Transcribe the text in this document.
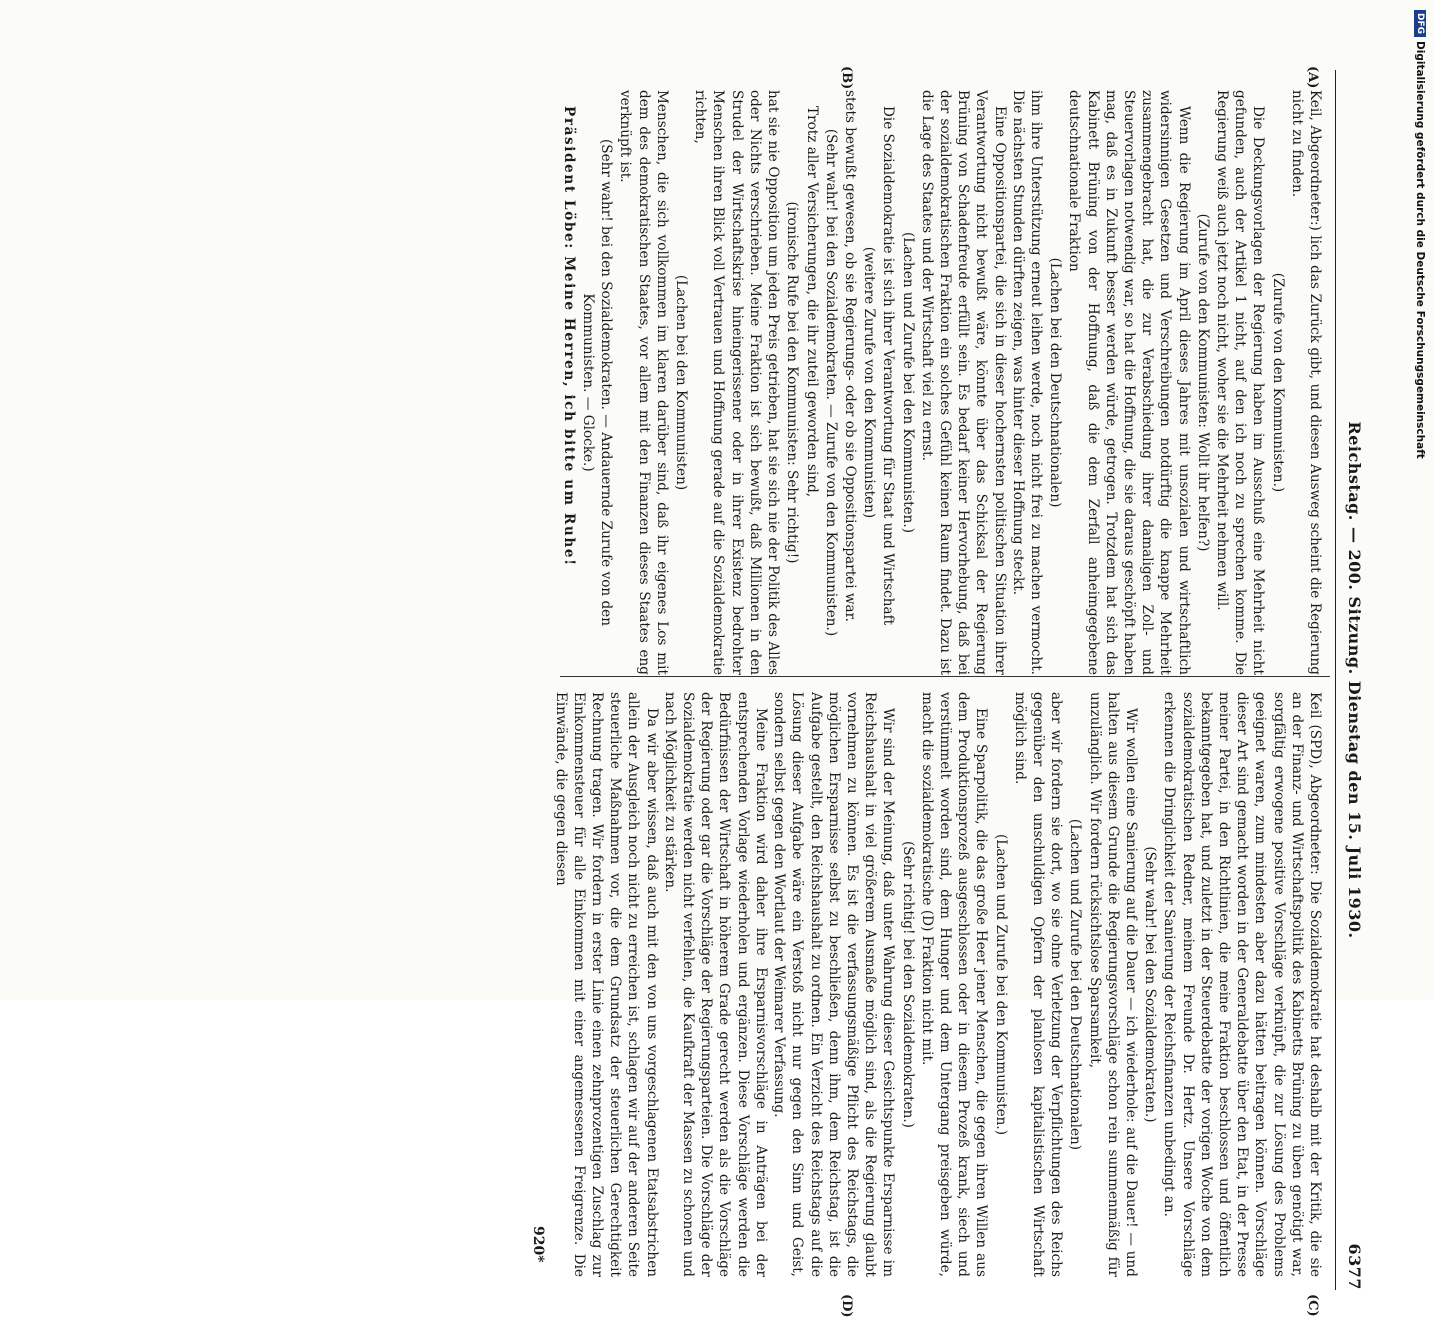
Reichstag. — 200. Sitzung. Dienstag den 15. Juli 1930.
6377
(A)
(B)
(C)
(D)

Keil, Abgeordneter:) lich das Zurück gibt, und diesen Ausweg scheint die Regierung nicht zu finden.

(Zurufe von den Kommunisten.)

Die Deckungsvorlagen der Regierung haben im Ausschuß eine Mehrheit nicht gefunden, auch der Artikel 1 nicht, auf den ich noch zu sprechen komme. Die Regierung weiß auch jetzt noch nicht, woher sie die Mehrheit nehmen will.

(Zurufe von den Kommunisten: Wollt ihr helfen?)

Wenn die Regierung im April dieses Jahres mit unsozialen und wirtschaftlich widersinnigen Gesetzen und Verschreibungen notdürftig die knappe Mehrheit zusammengebracht hat, die zur Verabschiedung ihrer damaligen Zoll- und Steuervorlagen notwendig war, so hat die Hoffnung, die sie daraus geschöpft haben mag, daß es in Zukunft besser werden würde, getrogen. Trotzdem hat sich das Kabinett Brüning von der Hoffnung, daß die dem Zerfall anheimgegebene deutschnationale Fraktion

(Lachen bei den Deutschnationalen)

ihm ihre Unterstützung erneut leihen werde, noch nicht frei zu machen vermocht. Die nächsten Stunden dürften zeigen, was hinter dieser Hoffnung steckt.

Eine Oppositionspartei, die sich in dieser hochernsten politischen Situation ihrer Verantwortung nicht bewußt wäre, könnte über das Schicksal der Regierung Brüning von Schadenfreude erfüllt sein. Es bedarf keiner Hervorhebung, daß bei der sozialdemokratischen Fraktion ein solches Gefühl keinen Raum findet. Dazu ist die Lage des Staates und der Wirtschaft viel zu ernst.

(Lachen und Zurufe bei den Kommunisten.)

Die Sozialdemokratie ist sich ihrer Verantwortung für Staat und Wirtschaft

(weitere Zurufe von den Kommunisten)

stets bewußt gewesen, ob sie Regierungs- oder ob sie Oppositionspartei war.

(Sehr wahr! bei den Sozialdemokraten. — Zurufe von den Kommunisten.)

Trotz aller Versicherungen, die ihr zuteil geworden sind,

(ironische Rufe bei den Kommunisten: Sehr richtig!)

hat sie nie Opposition um jeden Preis getrieben, hat sie sich nie der Politik des Alles oder Nichts verschrieben. Meine Fraktion ist sich bewußt, daß Millionen in den Strudel der Wirtschaftskrise hineingerissener oder in ihrer Existenz bedrohter Menschen ihren Blick voll Vertrauen und Hoffnung gerade auf die Sozialdemokratie richten,

(Lachen bei den Kommunisten)

Menschen, die sich vollkommen im klaren darüber sind, daß ihr eigenes Los mit dem des demokratischen Staates, vor allem mit den Finanzen dieses Staates eng verknüpft ist.

(Sehr wahr! bei den Sozialdemokraten. — Andauernde Zurufe von den Kommunisten. — Glocke.)

Präsident Löbe: Meine Herren, ich bitte um Ruhe!

Keil (SPD), Abgeordneter: Die Sozialdemokratie hat deshalb mit der Kritik, die sie an der Finanz- und Wirtschaftspolitik des Kabinetts Brüning zu üben genötigt war, sorgfältig erwogene positive Vorschläge verknüpft, die zur Lösung des Problems geeignet waren, zum mindesten aber dazu hätten beitragen können. Vorschläge dieser Art sind gemacht worden in der Generaldebatte über den Etat, in der Presse meiner Partei, in den Richtlinien, die meine Fraktion beschlossen und öffentlich bekanntgegeben hat, und zuletzt in der Steuerdebatte der vorigen Woche von dem sozialdemokratischen Redner, meinem Freunde Dr. Hertz. Unsere Vorschläge erkennen die Dringlichkeit der Sanierung der Reichsfinanzen unbedingt an.

(Sehr wahr! bei den Sozialdemokraten.)

Wir wollen eine Sanierung auf die Dauer — ich wiederhole: auf die Dauer! — und halten aus diesem Grunde die Regierungsvorschläge schon rein summenmäßig für unzulänglich. Wir fordern rücksichtslose Sparsamkeit,

(Lachen und Zurufe bei den Deutschnationalen)

aber wir fordern sie dort, wo sie ohne Verletzung der Verpflichtungen des Reichs gegenüber den unschuldigen Opfern der planlosen kapitalistischen Wirtschaft möglich sind.

(Lachen und Zurufe bei den Kommunisten.)

Eine Sparpolitik, die das große Heer jener Menschen, die gegen ihren Willen aus dem Produktionsprozeß ausgeschlossen oder in diesem Prozeß krank, siech und verstümmelt worden sind, dem Hunger und dem Untergang preisgeben würde, macht die sozialdemokratische (D) Fraktion nicht mit.

(Sehr richtig! bei den Sozialdemokraten.)

Wir sind der Meinung, daß unter Wahrung dieser Gesichtspunkte Ersparnisse im Reichshaushalt in viel größerem Ausmaße möglich sind, als die Regierung glaubt vornehmen zu können. Es ist die verfassungsmäßige Pflicht des Reichstags, die möglichen Ersparnisse selbst zu beschließen, denn ihm, dem Reichstag, ist die Aufgabe gestellt, den Reichshaushalt zu ordnen. Ein Verzicht des Reichstags auf die Lösung dieser Aufgabe wäre ein Verstoß nicht nur gegen den Sinn und Geist, sondern selbst gegen den Wortlaut der Weimarer Verfassung.

Meine Fraktion wird daher ihre Ersparnisvorschläge in Anträgen bei der entsprechenden Vorlage wiederholen und ergänzen. Diese Vorschläge werden die Bedürfnissen der Wirtschaft in höherem Grade gerecht werden als die Vorschläge der Regierung oder gar die Vorschläge der Regierungsparteien. Die Vorschläge der Sozialdemokratie werden nicht verfehlen, die Kaufkraft der Massen zu schonen und nach Möglichkeit zu stärken.

Da wir aber wissen, daß auch mit den von uns vorgeschlagenen Etatsabstrichen allein der Ausgleich noch nicht zu erreichen ist, schlagen wir auf der anderen Seite steuerliche Maßnahmen vor, die dem Grundsatz der steuerlichen Gerechtigkeit Rechnung tragen. Wir fordern in erster Linie einen zehnprozentigen Zuschlag zur Einkommensteuer für alle Einkommen mit einer angemessenen Freigrenze. Die Einwände, die gegen diesen

920*
DFGDigitalisierung gefördert durch die Deutsche Forschungsgemeinschaft
